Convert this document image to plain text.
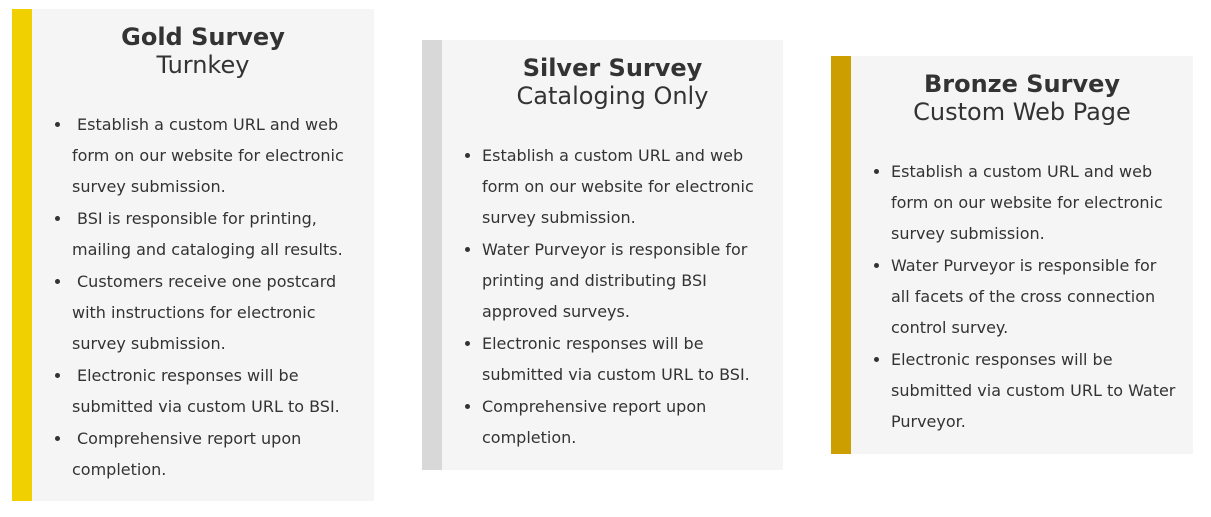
Gold Survey
Turnkey
• Establish a custom URL and web form on our website for electronic survey submission.
• BSI is responsible for printing, mailing and cataloging all results.
• Customers receive one postcard with instructions for electronic survey submission.
• Electronic responses will be submitted via custom URL to BSI.
• Comprehensive report upon completion.
Silver Survey
Cataloging Only
• Establish a custom URL and web form on our website for electronic survey submission.
• Water Purveyor is responsible for printing and distributing BSI approved surveys.
• Electronic responses will be submitted via custom URL to BSI.
• Comprehensive report upon completion.
Bronze Survey
Custom Web Page
• Establish a custom URL and web form on our website for electronic survey submission.
• Water Purveyor is responsible for all facets of the cross connection control survey.
• Electronic responses will be submitted via custom URL to Water Purveyor.
